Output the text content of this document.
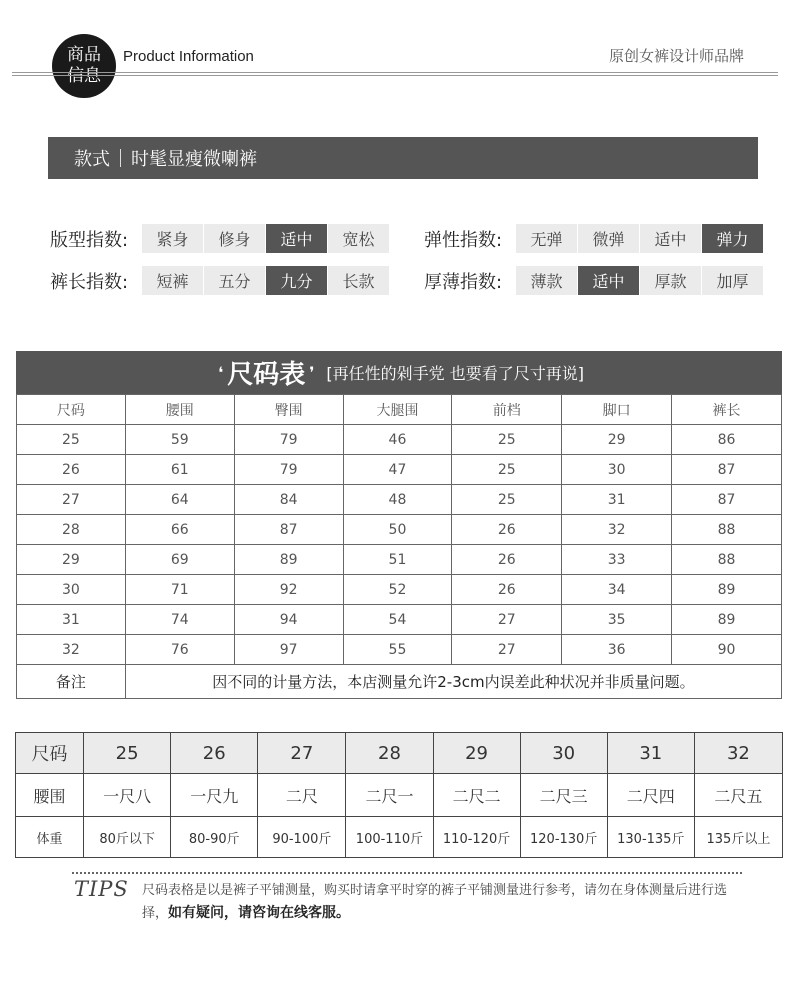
商品
信息
Product Information	原创女裤设计师品牌
款式 时髦显瘦微喇裤
版型指数:	紧身	修身	适中	宽松	弹性指数:	无弹	微弹	适中	弹力
裤长指数:	短裤	五分	九分	长款	厚薄指数:	薄款	适中	厚款	加厚
❛ 尺码表 ❜ [再任性的剁手党 也要看了尺寸再说]
尺码	腰围	臀围	大腿围	前档	脚口	裤长
25	59	79	46	25	29	86
26	61	79	47	25	30	87
27	64	84	48	25	31	87
28	66	87	50	26	32	88
29	69	89	51	26	33	88
30	71	92	52	26	34	89
31	74	94	54	27	35	89
32	76	97	55	27	36	90
备注	因不同的计量方法，本店测量允许2-3cm内误差此种状况并非质量问题。					
尺码	25	26	27	28	29	30	31	32
腰围	一尺八	一尺九	二尺	二尺一	二尺二	二尺三	二尺四	二尺五
体重	80斤以下	80-90斤	90-100斤	100-110斤	110-120斤	120-130斤	130-135斤	135斤以上
TIPS 尺码表格是以是裤子平铺测量，购买时请拿平时穿的裤子平铺测量进行参考，请勿在身体测量后进行选择，如有疑问，请咨询在线客服。
